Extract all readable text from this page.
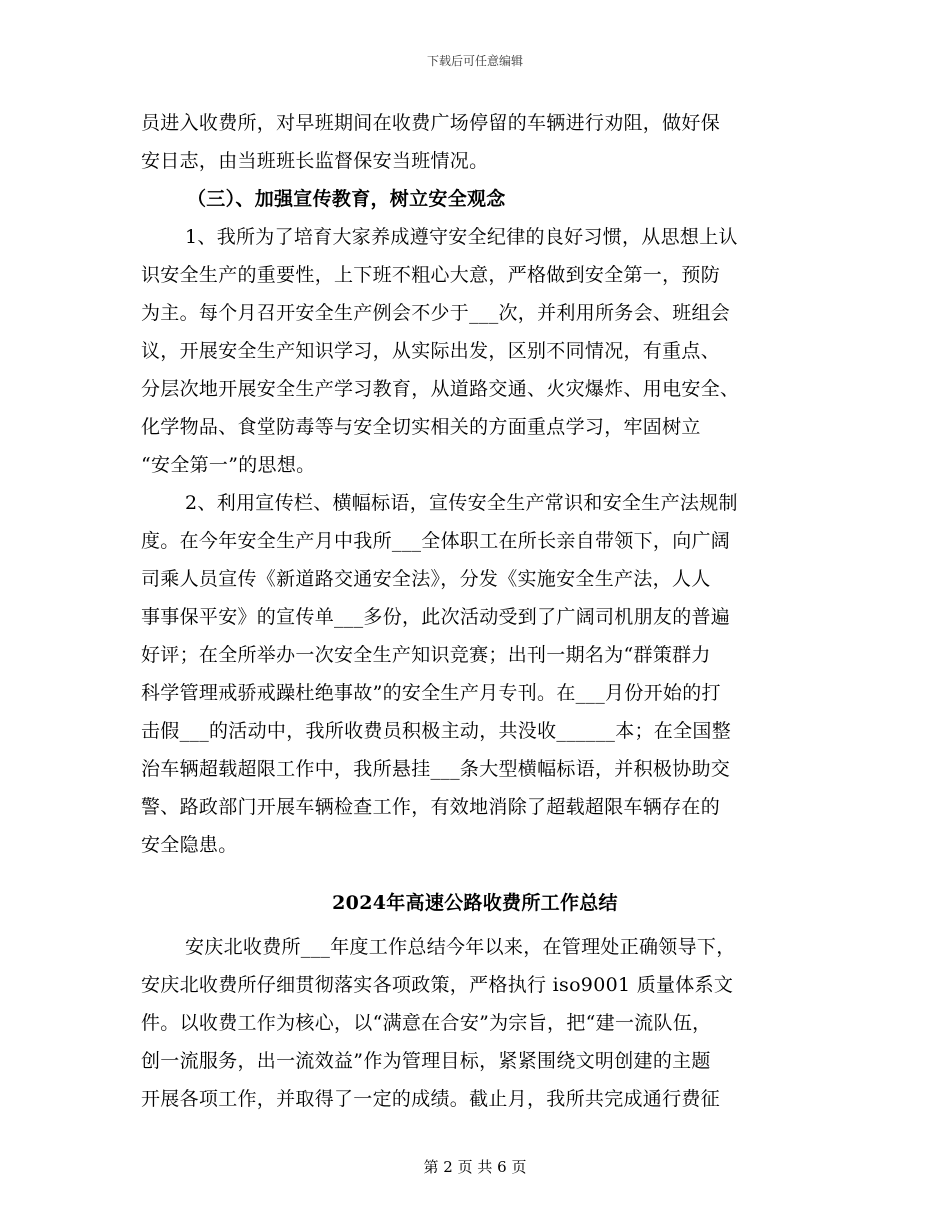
下载后可任意编辑
员进入收费所，对早班期间在收费广场停留的车辆进行劝阻，做好保
安日志，由当班班长监督保安当班情况。
（三）、加强宣传教育，树立安全观念
1、我所为了培育大家养成遵守安全纪律的良好习惯，从思想上认
识安全生产的重要性，上下班不粗心大意，严格做到安全第一，预防
为主。每个月召开安全生产例会不少于___次，并利用所务会、班组会
议，开展安全生产知识学习，从实际出发，区别不同情况，有重点、
分层次地开展安全生产学习教育，从道路交通、火灾爆炸、用电安全、
化学物品、食堂防毒等与安全切实相关的方面重点学习，牢固树立
“安全第一”的思想。
2、利用宣传栏、横幅标语，宣传安全生产常识和安全生产法规制
度。在今年安全生产月中我所___全体职工在所长亲自带领下，向广阔
司乘人员宣传《新道路交通安全法》，分发《实施安全生产法，人人
事事保平安》的宣传单___多份，此次活动受到了广阔司机朋友的普遍
好评；在全所举办一次安全生产知识竞赛；出刊一期名为“群策群力
科学管理戒骄戒躁杜绝事故”的安全生产月专刊。在___月份开始的打
击假___的活动中，我所收费员积极主动，共没收______本；在全国整
治车辆超载超限工作中，我所悬挂___条大型横幅标语，并积极协助交
警、路政部门开展车辆检查工作，有效地消除了超载超限车辆存在的
安全隐患。
2024年高速公路收费所工作总结
安庆北收费所___年度工作总结今年以来，在管理处正确领导下，
安庆北收费所仔细贯彻落实各项政策，严格执行 iso9001 质量体系文
件。以收费工作为核心，以“满意在合安”为宗旨，把“建一流队伍，
创一流服务，出一流效益”作为管理目标，紧紧围绕文明创建的主题
开展各项工作，并取得了一定的成绩。截止月，我所共完成通行费征
第 2 页 共 6 页
